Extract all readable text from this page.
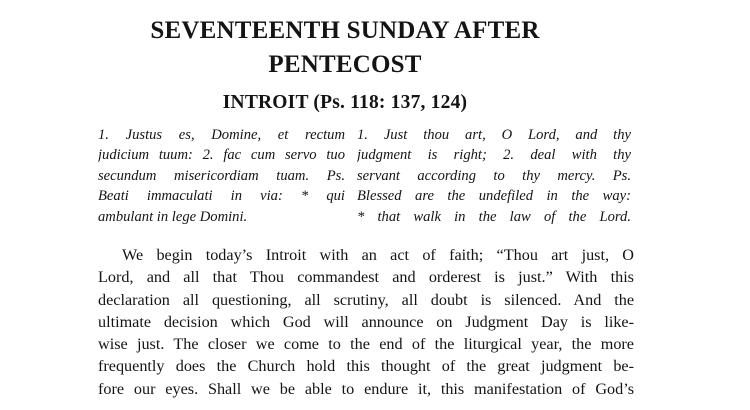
SEVENTEENTH SUNDAY AFTER
PENTECOST
INTROIT (Ps. 118: 137, 124)
1. Justus es, Domine, et rectum
judicium tuum: 2. fac cum servo tuo
secundum misericordiam tuam. Ps.
Beati immaculati in via: * qui
ambulant in lege Domini.
1. Just thou art, O Lord, and thy
judgment is right; 2. deal with thy
servant according to thy mercy. Ps.
Blessed are the undefiled in the way:
* that walk in the law of the Lord.
We begin today’s Introit with an act of faith; “Thou art just, O
Lord, and all that Thou commandest and orderest is just.” With this
declaration all questioning, all scrutiny, all doubt is silenced. And the
ultimate decision which God will announce on Judgment Day is like-
wise just. The closer we come to the end of the liturgical year, the more
frequently does the Church hold this thought of the great judgment be-
fore our eyes. Shall we be able to endure it, this manifestation of God’s
